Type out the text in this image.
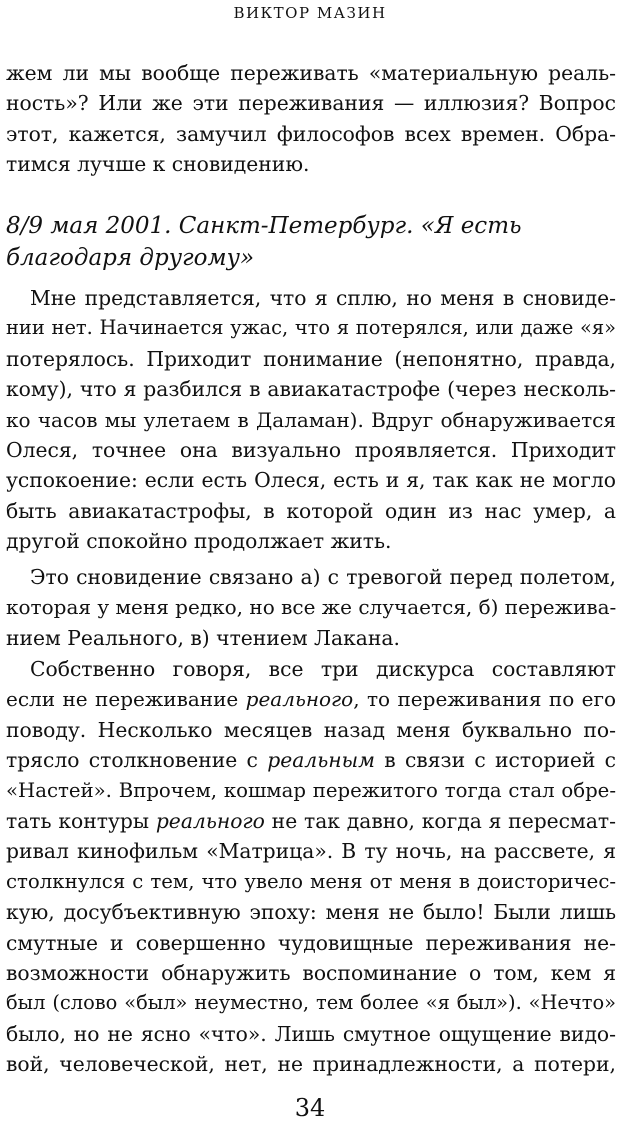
ВИКТОР МАЗИН
жем ли мы вообще переживать «материальную реаль-
ность»? Или же эти переживания — иллюзия? Вопрос
этот, кажется, замучил философов всех времен. Обра-
тимся лучше к сновидению.
8/9 мая 2001. Санкт-Петербург. «Я есть
благодаря другому»
Мне представляется, что я сплю, но меня в сновиде-
нии нет. Начинается ужас, что я потерялся, или даже «я»
потерялось. Приходит понимание (непонятно, правда,
кому), что я разбился в авиакатастрофе (через несколь-
ко часов мы улетаем в Даламан). Вдруг обнаруживается
Олеся, точнее она визуально проявляется. Приходит
успокоение: если есть Олеся, есть и я, так как не могло
быть авиакатастрофы, в которой один из нас умер, а
другой спокойно продолжает жить.
Это сновидение связано а) с тревогой перед полетом,
которая у меня редко, но все же случается, б) пережива-
нием Реального, в) чтением Лакана.
Собственно говоря, все три дискурса составляют
если не переживание реального, то переживания по его
поводу. Несколько месяцев назад меня буквально по-
трясло столкновение с реальным в связи с историей с
«Настей». Впрочем, кошмар пережитого тогда стал обре-
тать контуры реального не так давно, когда я пересмат-
ривал кинофильм «Матрица». В ту ночь, на рассвете, я
столкнулся с тем, что увело меня от меня в доисторичес-
кую, досубъективную эпоху: меня не было! Были лишь
смутные и совершенно чудовищные переживания не-
возможности обнаружить воспоминание о том, кем я
был (слово «был» неуместно, тем более «я был»). «Нечто»
было, но не ясно «что». Лишь смутное ощущение видо-
вой, человеческой, нет, не принадлежности, а потери,
34
